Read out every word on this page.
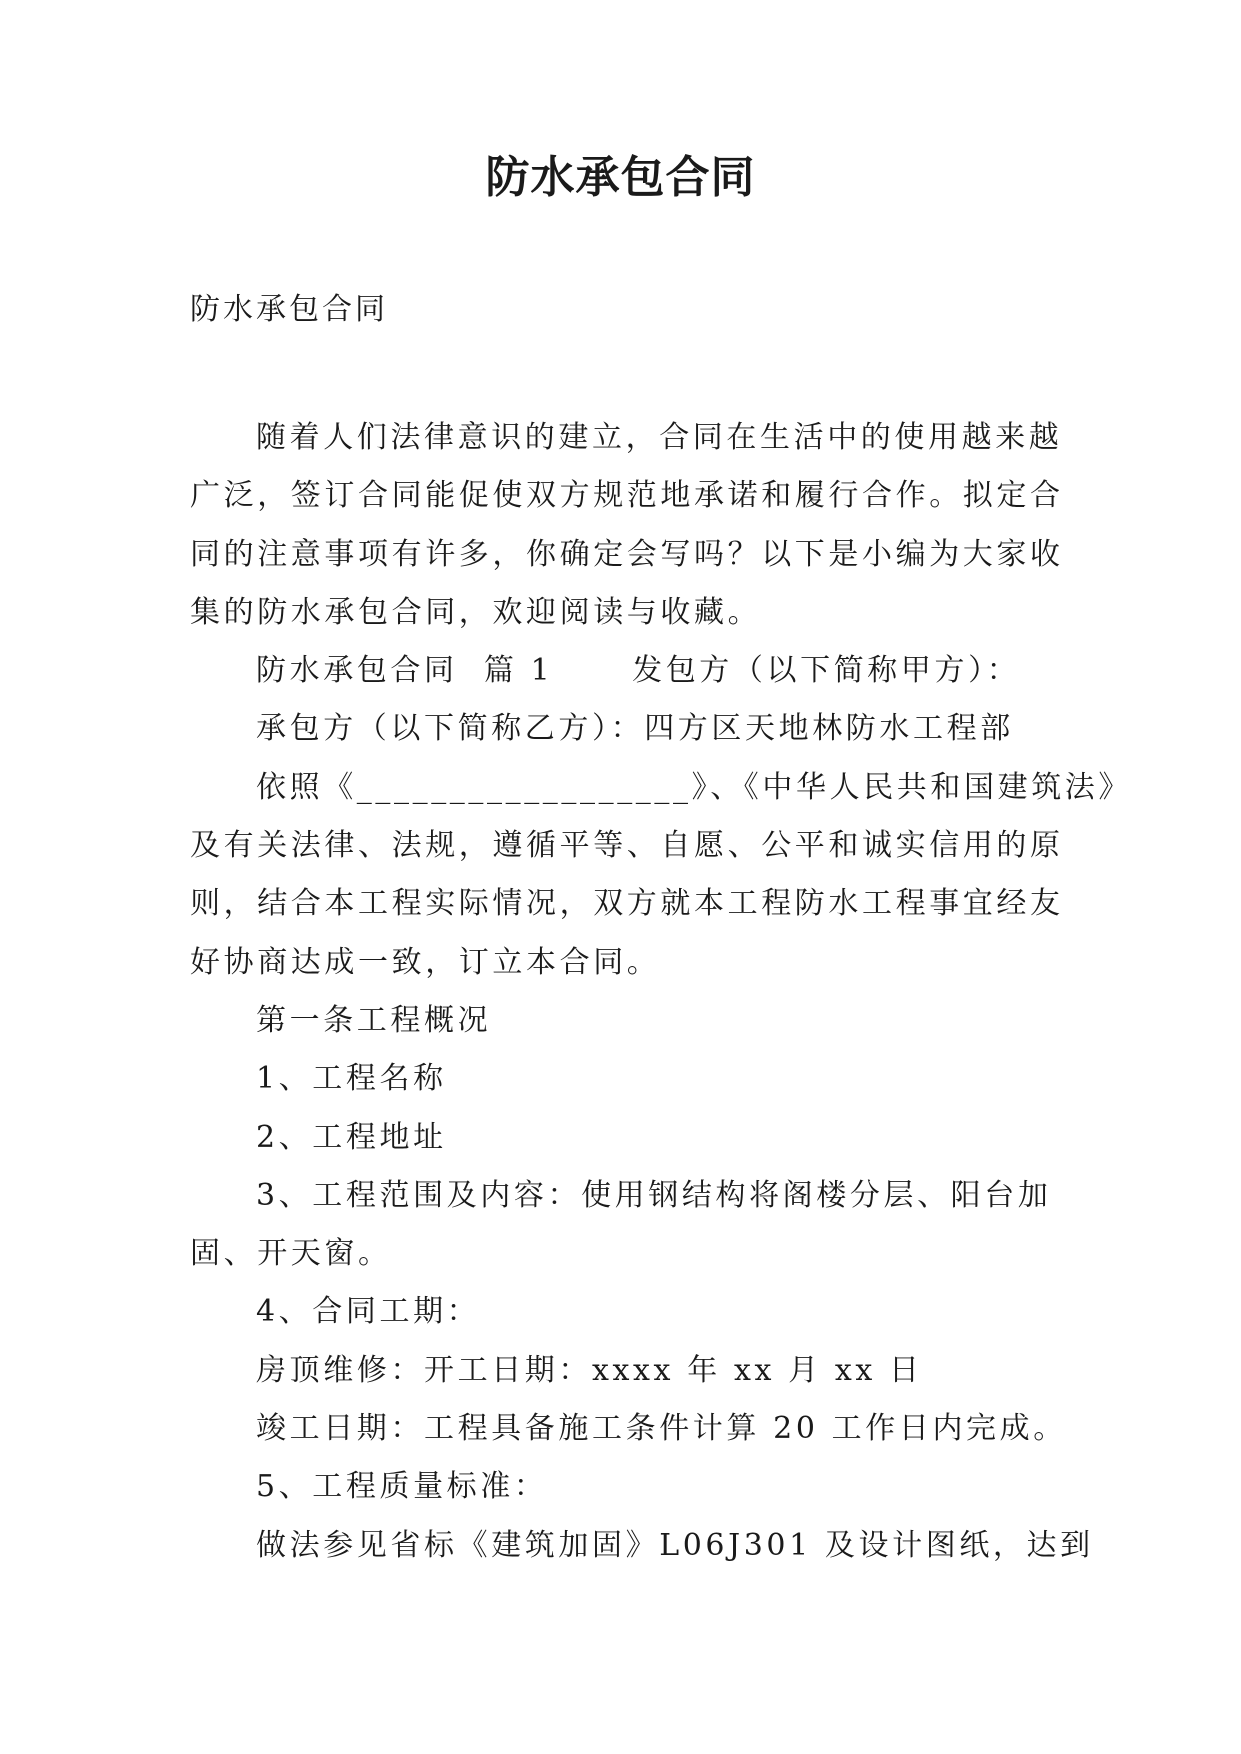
防水承包合同
防水承包合同

随着人们法律意识的建立，合同在生活中的使用越来越

广泛，签订合同能促使双方规范地承诺和履行合作。拟定合

同的注意事项有许多，你确定会写吗？以下是小编为大家收

集的防水承包合同，欢迎阅读与收藏。

防水承包合同  篇 1      发包方（以下简称甲方）：

承包方（以下简称乙方）：四方区天地林防水工程部

依照《__________________》、《中华人民共和国建筑法》

及有关法律、法规，遵循平等、自愿、公平和诚实信用的原

则，结合本工程实际情况，双方就本工程防水工程事宜经友

好协商达成一致，订立本合同。

第一条工程概况

1、工程名称

2、工程地址

3、工程范围及内容：使用钢结构将阁楼分层、阳台加

固、开天窗。

4、合同工期：

房顶维修：开工日期：xxxx 年 xx 月 xx 日

竣工日期：工程具备施工条件计算 20 工作日内完成。

5、工程质量标准：

做法参见省标《建筑加固》L06J301 及设计图纸，达到
